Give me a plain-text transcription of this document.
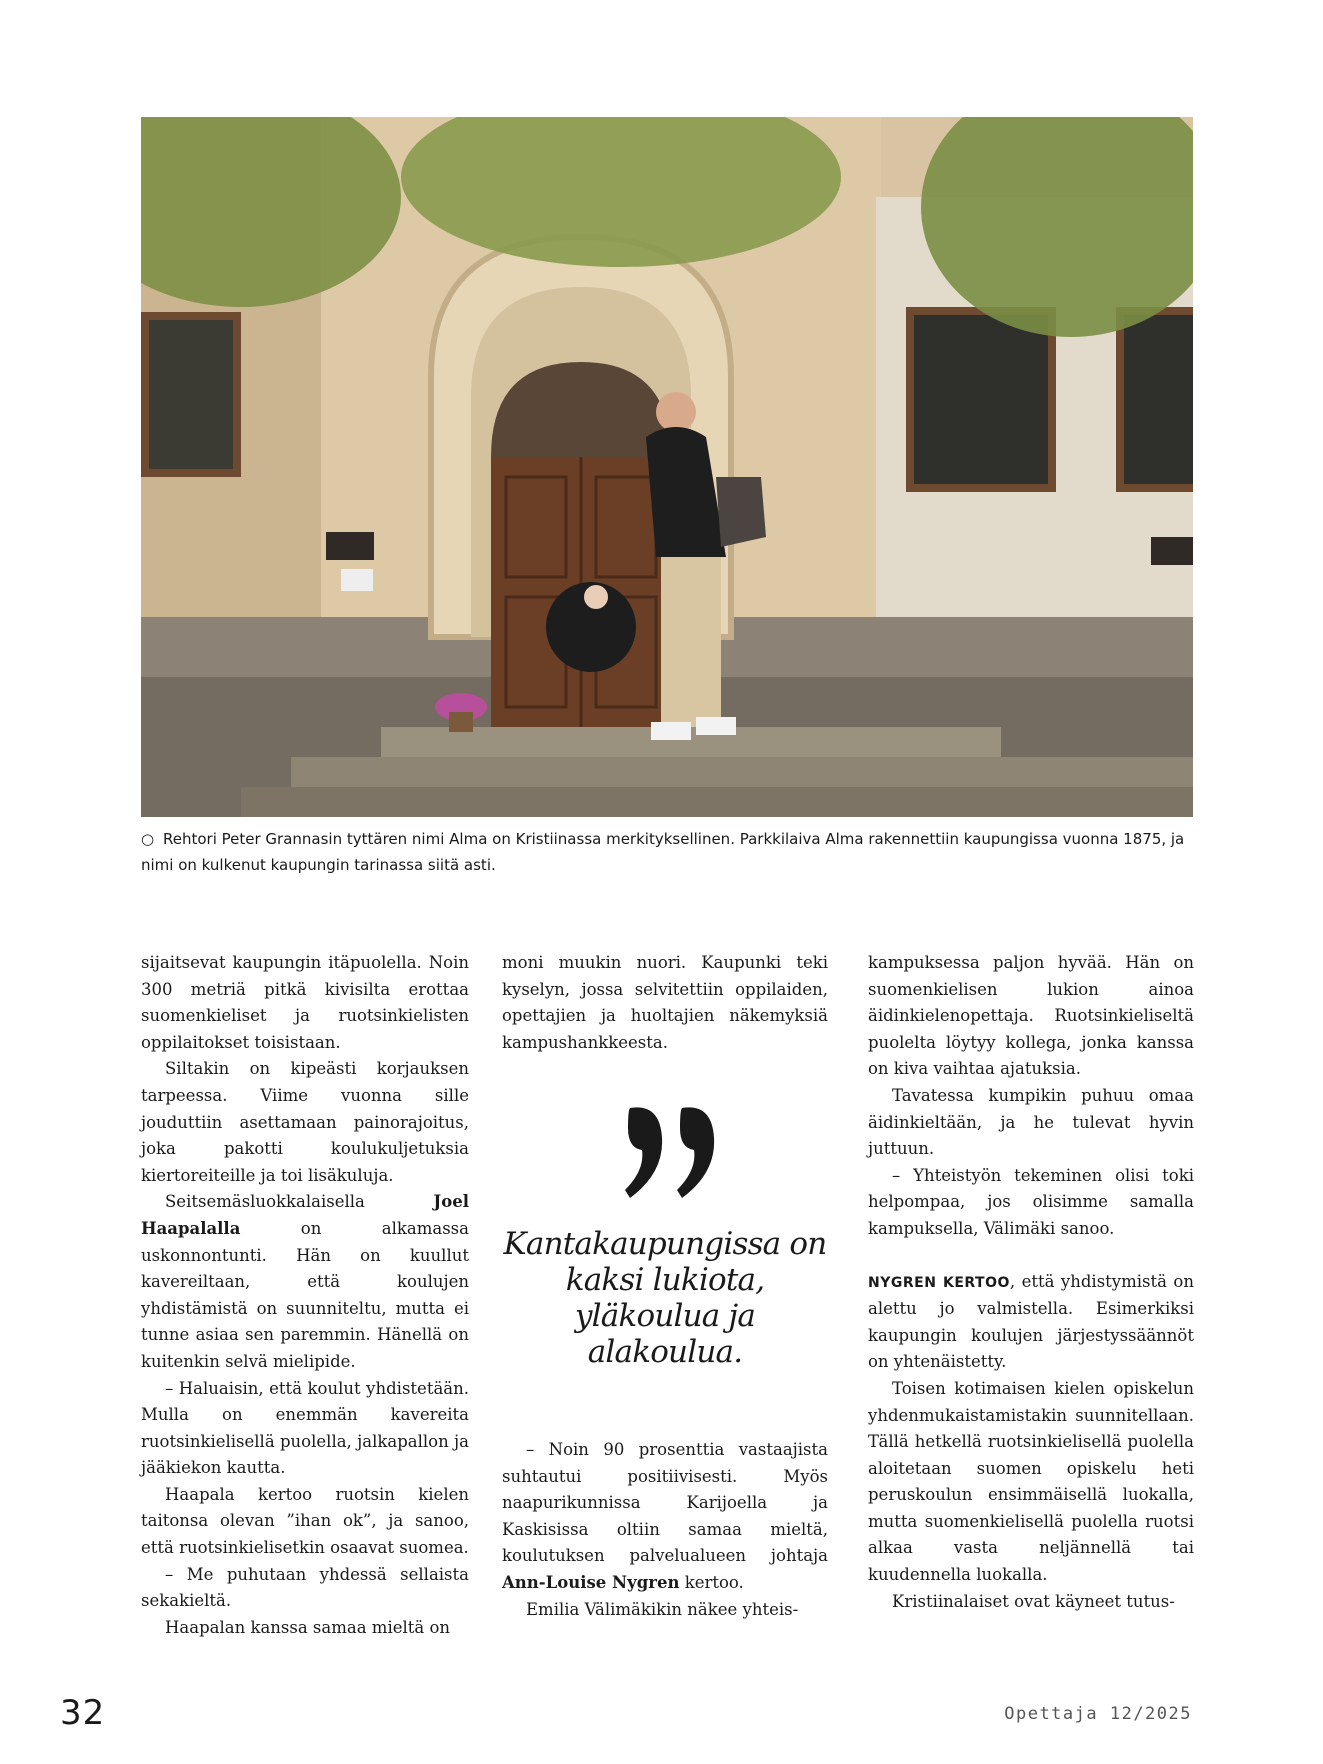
○ Rehtori Peter Grannasin tyttären nimi Alma on Kristiinassa merkityksellinen. Parkkilaiva Alma rakennettiin kaupungissa vuonna 1875, ja nimi on kulkenut kaupungin tarinassa siitä asti.

sijaitsevat kaupungin itäpuolella. Noin 300 metriä pitkä kivisilta erottaa suomenkieliset ja ruotsinkielisten oppilaitokset toisistaan.

Siltakin on kipeästi korjauksen tarpeessa. Viime vuonna sille jouduttiin asettamaan painorajoitus, joka pakotti koulukuljetuksia kiertoreiteille ja toi lisäkuluja.

Seitsemäsluokkalaisella Joel Haapalalla on alkamassa uskonnontunti. Hän on kuullut kavereiltaan, että koulujen yhdistämistä on suunniteltu, mutta ei tunne asiaa sen paremmin. Hänellä on kuitenkin selvä mielipide.

– Haluaisin, että koulut yhdistetään. Mulla on enemmän kavereita ruotsinkielisellä puolella, jalkapallon ja jääkiekon kautta.

Haapala kertoo ruotsin kielen taitonsa olevan ”ihan ok”, ja sanoo, että ruotsinkielisetkin osaavat suomea.

– Me puhutaan yhdessä sellaista sekakieltä.

Haapalan kanssa samaa mieltä on

moni muukin nuori. Kaupunki teki kyselyn, jossa selvitettiin oppilaiden, opettajien ja huoltajien näkemyksiä kampushankkeesta.

Kantakaupungissa on kaksi lukiota, yläkoulua ja alakoulua.

– Noin 90 prosenttia vastaajista suhtautui positiivisesti. Myös naapurikunnissa Karijoella ja Kaskisissa oltiin samaa mieltä, koulutuksen palvelualueen johtaja Ann-Louise Nygren kertoo.

Emilia Välimäkikin näkee yhteis-

kampuksessa paljon hyvää. Hän on suomenkielisen lukion ainoa äidinkielenopettaja. Ruotsinkieliseltä puolelta löytyy kollega, jonka kanssa on kiva vaihtaa ajatuksia.

Tavatessa kumpikin puhuu omaa äidinkieltään, ja he tulevat hyvin juttuun.

– Yhteistyön tekeminen olisi toki helpompaa, jos olisimme samalla kampuksella, Välimäki sanoo.

NYGREN KERTOO, että yhdistymistä on alettu jo valmistella. Esimerkiksi kaupungin koulujen järjestyssäännöt on yhtenäistetty.

Toisen kotimaisen kielen opiskelun yhdenmukaistamistakin suunnitellaan. Tällä hetkellä ruotsinkielisellä puolella aloitetaan suomen opiskelu heti peruskoulun ensimmäisellä luokalla, mutta suomenkielisellä puolella ruotsi alkaa vasta neljännellä tai kuudennella luokalla.

Kristiinalaiset ovat käyneet tutus-

32	Opettaja 12/2025
